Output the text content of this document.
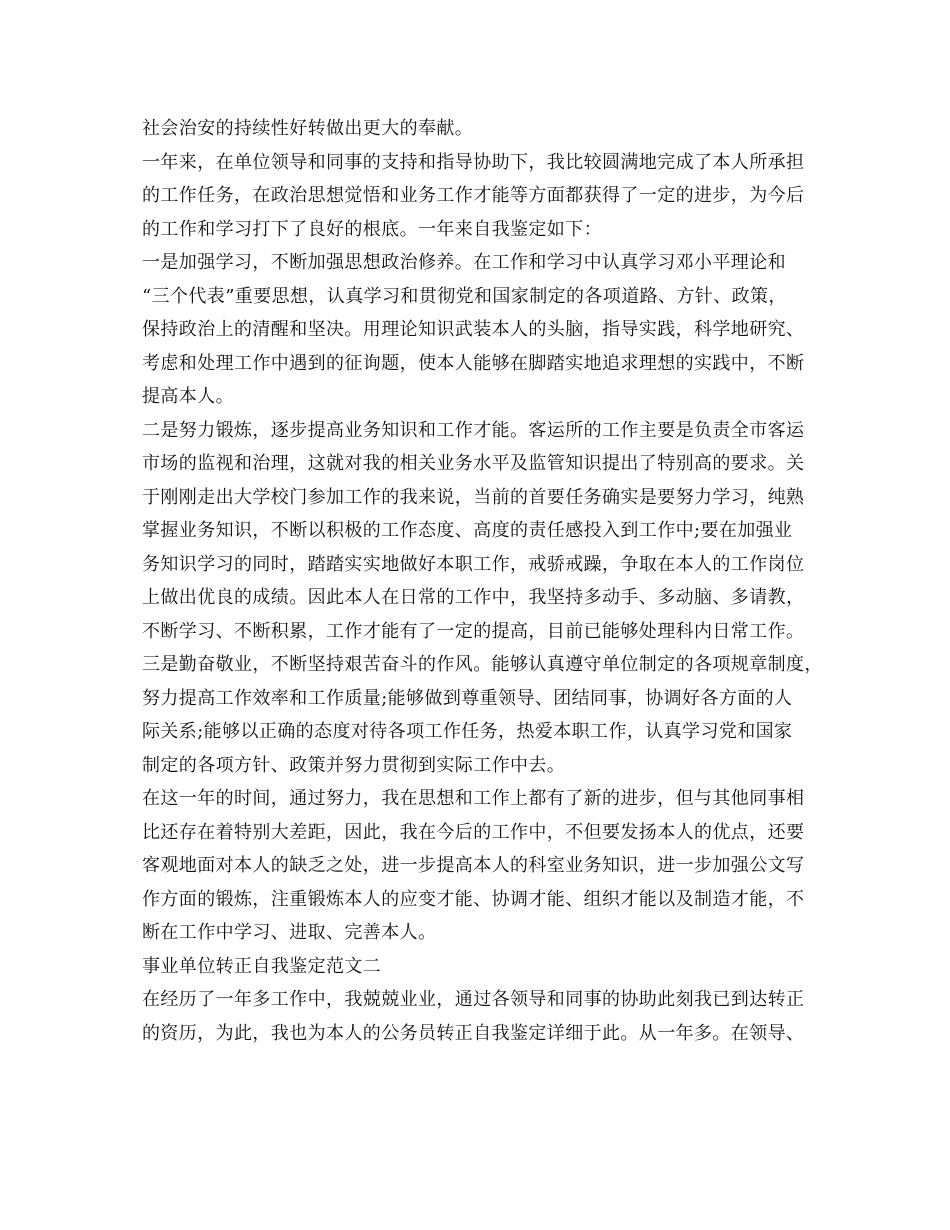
社会治安的持续性好转做出更大的奉献。
一年来，在单位领导和同事的支持和指导协助下，我比较圆满地完成了本人所承担
的工作任务，在政治思想觉悟和业务工作才能等方面都获得了一定的进步，为今后
的工作和学习打下了良好的根底。一年来自我鉴定如下：
一是加强学习，不断加强思想政治修养。在工作和学习中认真学习邓小平理论和
“三个代表”重要思想，认真学习和贯彻党和国家制定的各项道路、方针、政策，
保持政治上的清醒和坚决。用理论知识武装本人的头脑，指导实践，科学地研究、
考虑和处理工作中遇到的征询题，使本人能够在脚踏实地追求理想的实践中，不断
提高本人。
二是努力锻炼，逐步提高业务知识和工作才能。客运所的工作主要是负责全市客运
市场的监视和治理，这就对我的相关业务水平及监管知识提出了特别高的要求。关
于刚刚走出大学校门参加工作的我来说，当前的首要任务确实是要努力学习，纯熟
掌握业务知识，不断以积极的工作态度、高度的责任感投入到工作中;要在加强业
务知识学习的同时，踏踏实实地做好本职工作，戒骄戒躁，争取在本人的工作岗位
上做出优良的成绩。因此本人在日常的工作中，我坚持多动手、多动脑、多请教，
不断学习、不断积累，工作才能有了一定的提高，目前已能够处理科内日常工作。
三是勤奋敬业，不断坚持艰苦奋斗的作风。能够认真遵守单位制定的各项规章制度，
努力提高工作效率和工作质量;能够做到尊重领导、团结同事，协调好各方面的人
际关系;能够以正确的态度对待各项工作任务，热爱本职工作，认真学习党和国家
制定的各项方针、政策并努力贯彻到实际工作中去。
在这一年的时间，通过努力，我在思想和工作上都有了新的进步，但与其他同事相
比还存在着特别大差距，因此，我在今后的工作中，不但要发扬本人的优点，还要
客观地面对本人的缺乏之处，进一步提高本人的科室业务知识，进一步加强公文写
作方面的锻炼，注重锻炼本人的应变才能、协调才能、组织才能以及制造才能，不
断在工作中学习、进取、完善本人。
事业单位转正自我鉴定范文二
在经历了一年多工作中，我兢兢业业，通过各领导和同事的协助此刻我已到达转正
的资历，为此，我也为本人的公务员转正自我鉴定详细于此。从一年多。在领导、
